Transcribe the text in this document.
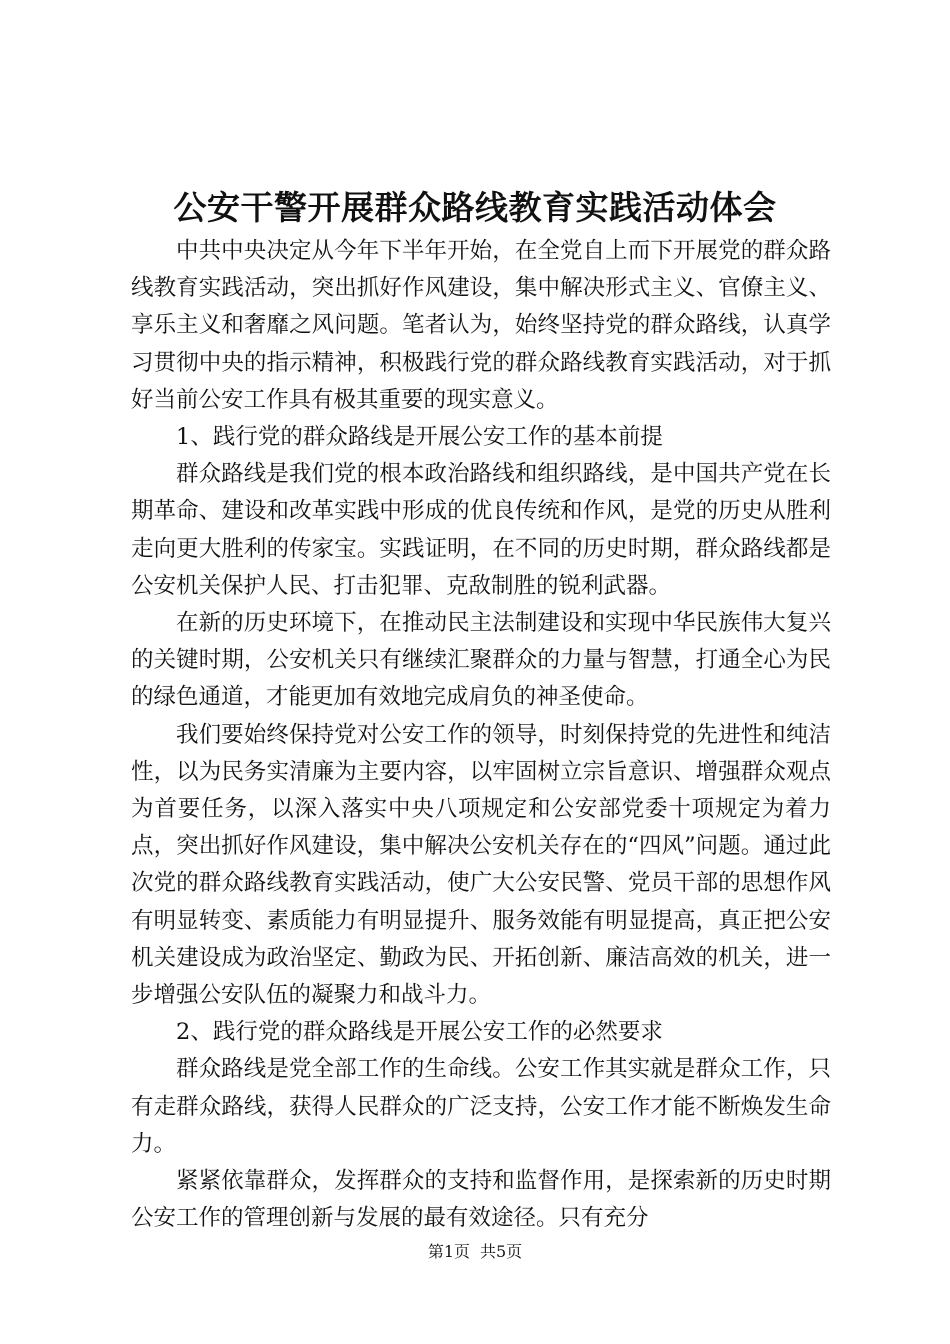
公安干警开展群众路线教育实践活动体会

中共中央决定从今年下半年开始，在全党自上而下开展党的群众路线教育实践活动，突出抓好作风建设，集中解决形式主义、官僚主义、享乐主义和奢靡之风问题。笔者认为，始终坚持党的群众路线，认真学习贯彻中央的指示精神，积极践行党的群众路线教育实践活动，对于抓好当前公安工作具有极其重要的现实意义。

1、践行党的群众路线是开展公安工作的基本前提

群众路线是我们党的根本政治路线和组织路线，是中国共产党在长期革命、建设和改革实践中形成的优良传统和作风，是党的历史从胜利走向更大胜利的传家宝。实践证明，在不同的历史时期，群众路线都是公安机关保护人民、打击犯罪、克敌制胜的锐利武器。

在新的历史环境下，在推动民主法制建设和实现中华民族伟大复兴的关键时期，公安机关只有继续汇聚群众的力量与智慧，打通全心为民的绿色通道，才能更加有效地完成肩负的神圣使命。

我们要始终保持党对公安工作的领导，时刻保持党的先进性和纯洁性，以为民务实清廉为主要内容，以牢固树立宗旨意识、增强群众观点为首要任务，以深入落实中央八项规定和公安部党委十项规定为着力点，突出抓好作风建设，集中解决公安机关存在的“四风”问题。通过此次党的群众路线教育实践活动，使广大公安民警、党员干部的思想作风有明显转变、素质能力有明显提升、服务效能有明显提高，真正把公安机关建设成为政治坚定、勤政为民、开拓创新、廉洁高效的机关，进一步增强公安队伍的凝聚力和战斗力。

2、践行党的群众路线是开展公安工作的必然要求

群众路线是党全部工作的生命线。公安工作其实就是群众工作，只有走群众路线，获得人民群众的广泛支持，公安工作才能不断焕发生命力。

紧紧依靠群众，发挥群众的支持和监督作用，是探索新的历史时期公安工作的管理创新与发展的最有效途径。只有充分

第1页 共5页
